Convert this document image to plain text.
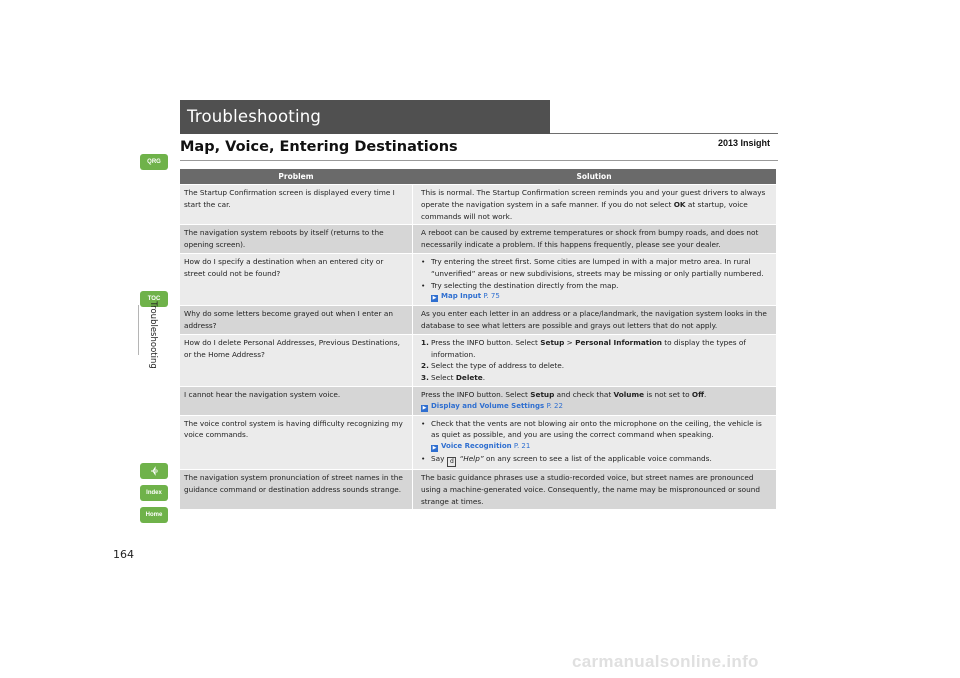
Troubleshooting
2013 Insight
Map, Voice, Entering Destinations
QRG
TOC
Index
Home
Troubleshooting
164
Problem	Solution
The Startup Confirmation screen is displayed every time I start the car.
This is normal. The Startup Confirmation screen reminds you and your guest drivers to always operate the navigation system in a safe manner. If you do not select OK at startup, voice commands will not work.
The navigation system reboots by itself (returns to the opening screen).
A reboot can be caused by extreme temperatures or shock from bumpy roads, and does not necessarily indicate a problem. If this happens frequently, please see your dealer.
How do I specify a destination when an entered city or street could not be found?
• Try entering the street first. Some cities are lumped in with a major metro area. In rural “unverified” areas or new subdivisions, streets may be missing or only partially numbered.
• Try selecting the destination directly from the map.
▶ Map Input P. 75
Why do some letters become grayed out when I enter an address?
As you enter each letter in an address or a place/landmark, the navigation system looks in the database to see what letters are possible and grays out letters that do not apply.
How do I delete Personal Addresses, Previous Destinations, or the Home Address?
1. Press the INFO button. Select Setup > Personal Information to display the types of information.
2. Select the type of address to delete.
3. Select Delete.
I cannot hear the navigation system voice.	Press the INFO button. Select Setup and check that Volume is not set to Off.
▶ Display and Volume Settings P. 22
The voice control system is having difficulty recognizing my voice commands.
• Check that the vents are not blowing air onto the microphone on the ceiling, the vehicle is as quiet as possible, and you are using the correct command when speaking.
▶ Voice Recognition P. 21
• Say d “Help” on any screen to see a list of the applicable voice commands.
The navigation system pronunciation of street names in the guidance command or destination address sounds strange.
The basic guidance phrases use a studio-recorded voice, but street names are pronounced using a machine-generated voice. Consequently, the name may be mispronounced or sound strange at times.
carmanualsonline.info
